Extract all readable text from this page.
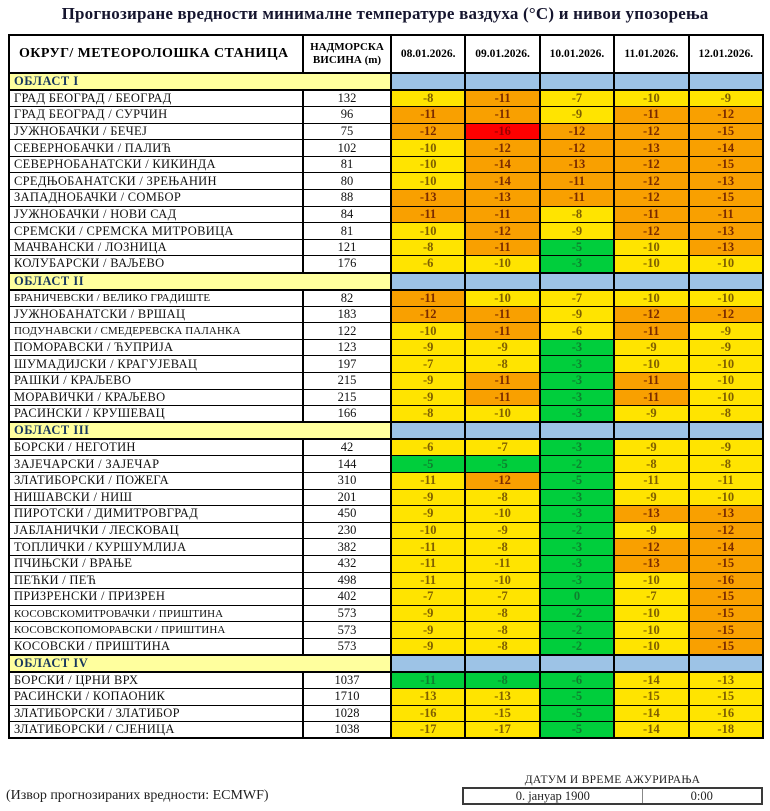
Прогнозиране вредности минималне температуре ваздуха (°C) и нивои упозорења
ОКРУГ/ МЕТЕОРОЛОШКА СТАНИЦА	НАДМОРСКА
ВИСИНА (m)	08.01.2026.	09.01.2026.	10.01.2026.	11.01.2026.	12.01.2026.
ОБЛАСТ I						
ГРАД БЕОГРАД / БЕОГРАД	132	-8	-11	-7	-10	-9
ГРАД БЕОГРАД / СУРЧИН	96	-11	-11	-9	-11	-12
ЈУЖНОБАЧКИ / БЕЧЕЈ	75	-12	-16	-12	-12	-15
СЕВЕРНОБАЧКИ / ПАЛИЋ	102	-10	-12	-12	-13	-14
СЕВЕРНОБАНАТСКИ / КИКИНДА	81	-10	-14	-13	-12	-15
СРЕДЊОБАНАТСКИ / ЗРЕЊАНИН	80	-10	-14	-11	-12	-13
ЗАПАДНОБАЧКИ / СОМБОР	88	-13	-13	-11	-12	-15
ЈУЖНОБАЧКИ / НОВИ САД	84	-11	-11	-8	-11	-11
СРЕМСКИ / СРЕМСКА МИТРОВИЦА	81	-10	-12	-9	-12	-13
МАЧВАНСКИ / ЛОЗНИЦА	121	-8	-11	-5	-10	-13
КОЛУБАРСКИ / ВАЉЕВО	176	-6	-10	-3	-10	-10
ОБЛАСТ II						
БРАНИЧЕВСКИ / ВЕЛИКО ГРАДИШТЕ	82	-11	-10	-7	-10	-10
ЈУЖНОБАНАТСКИ / ВРШАЦ	183	-12	-11	-9	-12	-12
ПОДУНАВСКИ / СМЕДЕРЕВСКА ПАЛАНКА	122	-10	-11	-6	-11	-9
ПОМОРАВСКИ / ЋУПРИЈА	123	-9	-9	-3	-9	-9
ШУМАДИЈСКИ / КРАГУЈЕВАЦ	197	-7	-8	-3	-10	-10
РАШКИ / КРАЉЕВО	215	-9	-11	-3	-11	-10
МОРАВИЧКИ / КРАЉЕВО	215	-9	-11	-3	-11	-10
РАСИНСКИ / КРУШЕВАЦ	166	-8	-10	-3	-9	-8
ОБЛАСТ III						
БОРСКИ / НЕГОТИН	42	-6	-7	-3	-9	-9
ЗАЈЕЧАРСКИ / ЗАЈЕЧАР	144	-5	-5	-2	-8	-8
ЗЛАТИБОРСКИ / ПОЖЕГА	310	-11	-12	-5	-11	-11
НИШАВСКИ / НИШ	201	-9	-8	-3	-9	-10
ПИРОТСКИ / ДИМИТРОВГРАД	450	-9	-10	-3	-13	-13
ЈАБЛАНИЧКИ / ЛЕСКОВАЦ	230	-10	-9	-2	-9	-12
ТОПЛИЧКИ / КУРШУМЛИЈА	382	-11	-8	-3	-12	-14
ПЧИЊСКИ / ВРАЊЕ	432	-11	-11	-3	-13	-15
ПЕЋКИ / ПЕЋ	498	-11	-10	-3	-10	-16
ПРИЗРЕНСКИ / ПРИЗРЕН	402	-7	-7	0	-7	-15
КОСОВСКОМИТРОВАЧКИ / ПРИШТИНА	573	-9	-8	-2	-10	-15
КОСОВСКОПОМОРАВСКИ / ПРИШТИНА	573	-9	-8	-2	-10	-15
КОСОВСКИ / ПРИШТИНА	573	-9	-8	-2	-10	-15
ОБЛАСТ IV						
БОРСКИ / ЦРНИ ВРХ	1037	-11	-8	-6	-14	-13
РАСИНСКИ / КОПАОНИК	1710	-13	-13	-5	-15	-15
ЗЛАТИБОРСКИ / ЗЛАТИБОР	1028	-16	-15	-5	-14	-16
ЗЛАТИБОРСКИ / СЈЕНИЦА	1038	-17	-17	-5	-14	-18
(Извор прогнозираних вредности: ECMWF)
ДАТУМ И ВРЕМЕ АЖУРИРАЊА
0. јануар 1900	0:00
